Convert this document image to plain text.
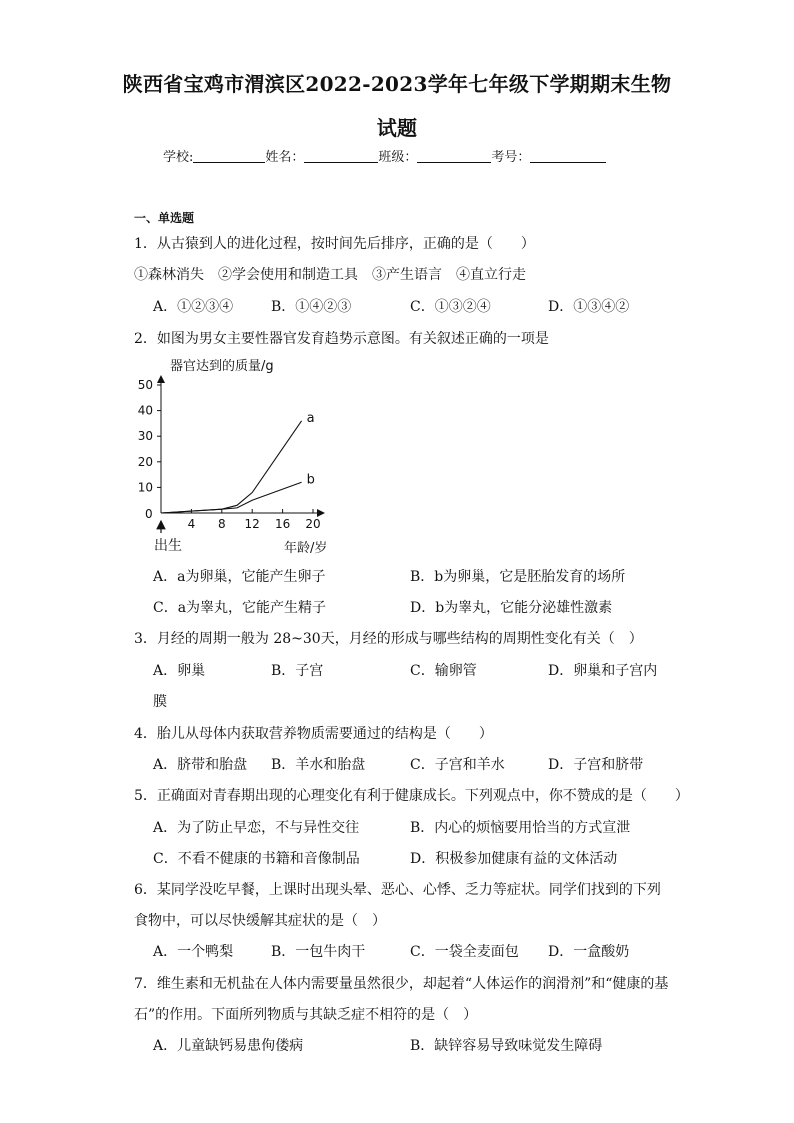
陕西省宝鸡市渭滨区2022-2023学年七年级下学期期末生物
试题
学校:	姓名：	班级：	考号：
一、单选题
1．从古猿到人的进化过程，按时间先后排序，正确的是（　　）
①森林消失　②学会使用和制造工具　③产生语言　④直立行走
A．①②③④	B．①④②③	C．①③②④	D．①③④②
2．如图为男女主要性器官发育趋势示意图。有关叙述正确的一项是
器官达到的质量/g
0
10
20
30
40
50
4 8 12 16 20
a
b
出生	年龄/岁
A．a为卵巢，它能产生卵子	B．b为卵巢，它是胚胎发育的场所
C．a为睾丸，它能产生精子	D．b为睾丸，它能分泌雄性激素
3．月经的周期一般为 28~30天，月经的形成与哪些结构的周期性变化有关（　）
A．卵巢	B．子宫	C．输卵管	D．卵巢和子宫内
膜
4．胎儿从母体内获取营养物质需要通过的结构是（　　）
A．脐带和胎盘 B．羊水和胎盘	C．子宫和羊水	D．子宫和脐带
5．正确面对青春期出现的心理变化有利于健康成长。下列观点中，你不赞成的是（　　）
A．为了防止早恋，不与异性交往	B．内心的烦恼要用恰当的方式宣泄
C．不看不健康的书籍和音像制品	D．积极参加健康有益的文体活动
6．某同学没吃早餐，上课时出现头晕、恶心、心悸、乏力等症状。同学们找到的下列
食物中，可以尽快缓解其症状的是（　）
A．一个鸭梨	B．一包牛肉干	C．一袋全麦面包 D．一盒酸奶
7．维生素和无机盐在人体内需要量虽然很少，却起着“人体运作的润滑剂”和“健康的基
石”的作用。下面所列物质与其缺乏症不相符的是（　）
A．儿童缺钙易患佝偻病	B．缺锌容易导致味觉发生障碍
